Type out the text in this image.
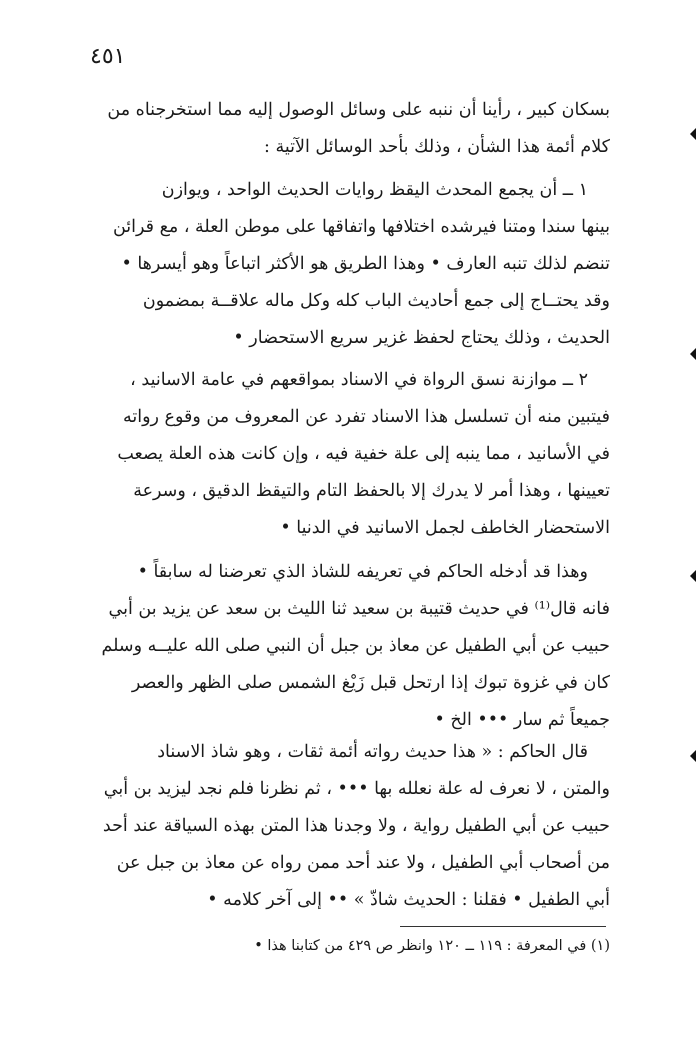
٤٥١
بسكان كبير ، رأينا أن ننبه على وسائل الوصول إليه مما استخرجناه من
كلام أئمة هذا الشأن ، وذلك بأحد الوسائل الآتية :
١ ــ أن يجمع المحدث اليقظ روايات الحديث الواحد ، ويوازن
بينها سندا ومتنا فيرشده اختلافها واتفاقها على موطن العلة ، مع قرائن
تنضم لذلك تنبه العارف • وهذا الطريق هو الأكثر اتباعاً وهو أيسرها •
وقد يحتــاج إلى جمع أحاديث الباب كله وكل ماله علاقــة بمضمون
الحديث ، وذلك يحتاج لحفظ غزير سريع الاستحضار •
٢ ــ موازنة نسق الرواة في الاسناد بمواقعهم في عامة الاسانيد ،
فيتبين منه أن تسلسل هذا الاسناد تفرد عن المعروف من وقوع رواته
في الأسانيد ، مما ينبه إلى علة خفية فيه ، وإن كانت هذه العلة يصعب
تعيينها ، وهذا أمر لا يدرك إلا بالحفظ التام والتيقظ الدقيق ، وسرعة
الاستحضار الخاطف لجمل الاسانيد في الدنيا •
وهذا قد أدخله الحاكم في تعريفه للشاذ الذي تعرضنا له سابقاً •
فانه قال⁽¹⁾ في حديث قتيبة بن سعيد ثنا الليث بن سعد عن يزيد بن أبي
حبيب عن أبي الطفيل عن معاذ بن جبل أن النبي صلى الله عليــه وسلم
كان في غزوة تبوك إذا ارتحل قبل زَيْغ الشمس صلى الظهر والعصر
جميعاً ثم سار ••• الخ •
قال الحاكم : « هذا حديث رواته أئمة ثقات ، وهو شاذ الاسناد
والمتن ، لا نعرف له علة نعلله بها ••• ، ثم نظرنا فلم نجد ليزيد بن أبي
حبيب عن أبي الطفيل رواية ، ولا وجدنا هذا المتن بهذه السياقة عند أحد
من أصحاب أبي الطفيل ، ولا عند أحد ممن رواه عن معاذ بن جبل عن
أبي الطفيل • فقلنا : الحديث شاذّ » •• إلى آخر كلامه •
(١) في المعرفة : ١١٩ ــ ١٢٠ وانظر ص ٤٢٩ من كتابنا هذا •
